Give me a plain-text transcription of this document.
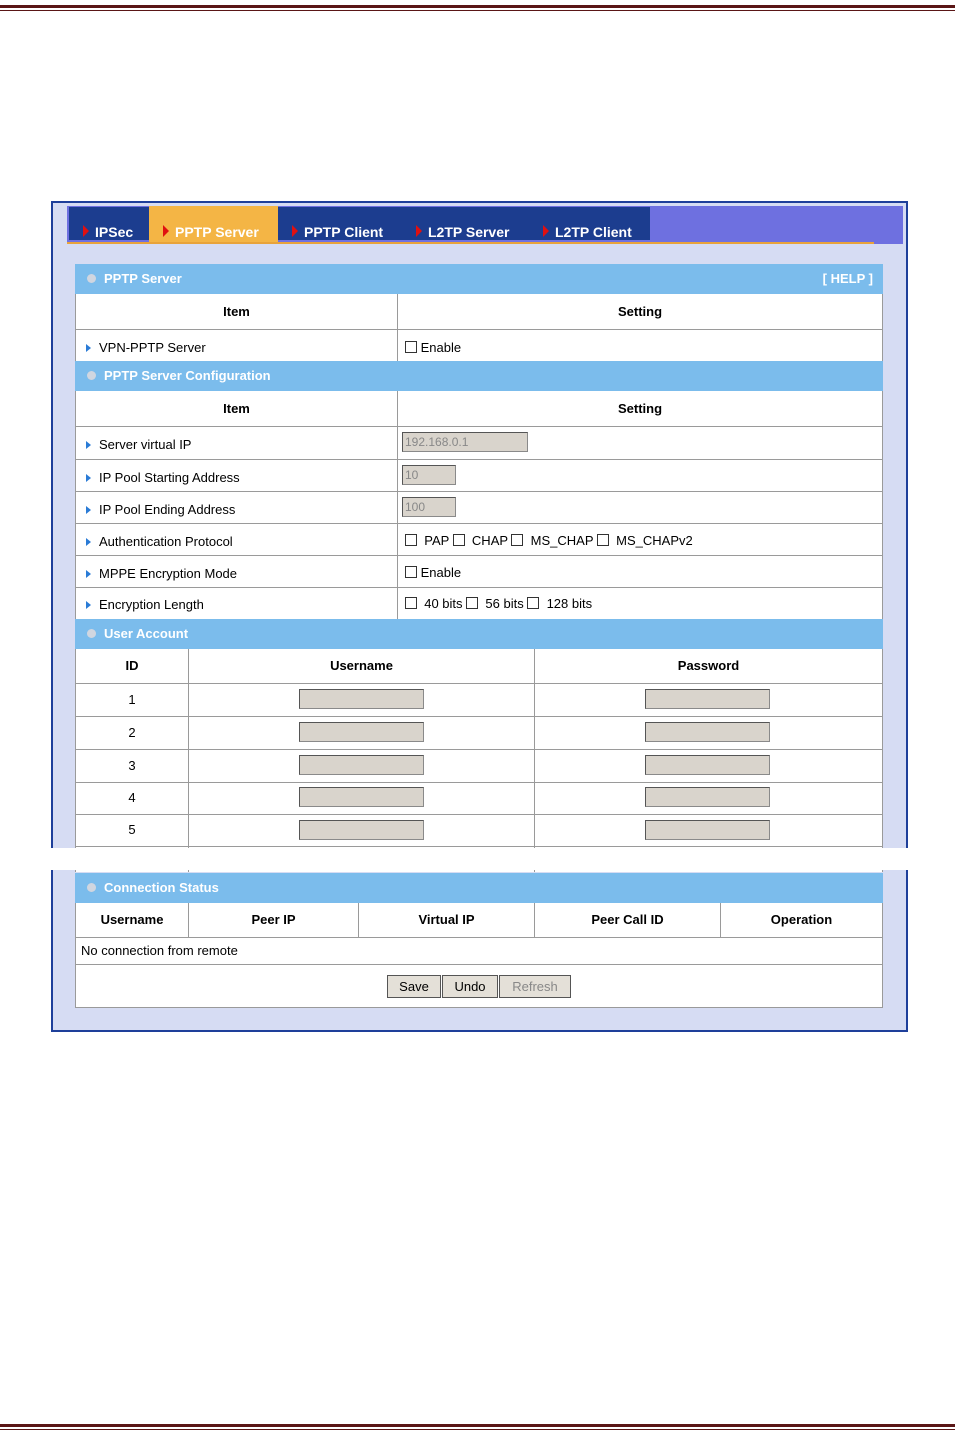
IPSec	PPTP Server	PPTP Client	L2TP Server	L2TP Client
PPTP Server	[ HELP ]
Item	Setting
VPN-PPTP Server	Enable
PPTP Server Configuration
Item	Setting
Server virtual IP	192.168.0.1
IP Pool Starting Address	10
IP Pool Ending Address	100
Authentication Protocol	PAP CHAP MS_CHAP MS_CHAPv2
MPPE Encryption Mode	Enable
Encryption Length	40 bits 56 bits 128 bits
User Account
ID	Username	Password
1
2
3
4
5
Connection Status
Username	Peer IP	Virtual IP	Peer Call ID	Operation
No connection from remote
Save	Undo	Refresh
